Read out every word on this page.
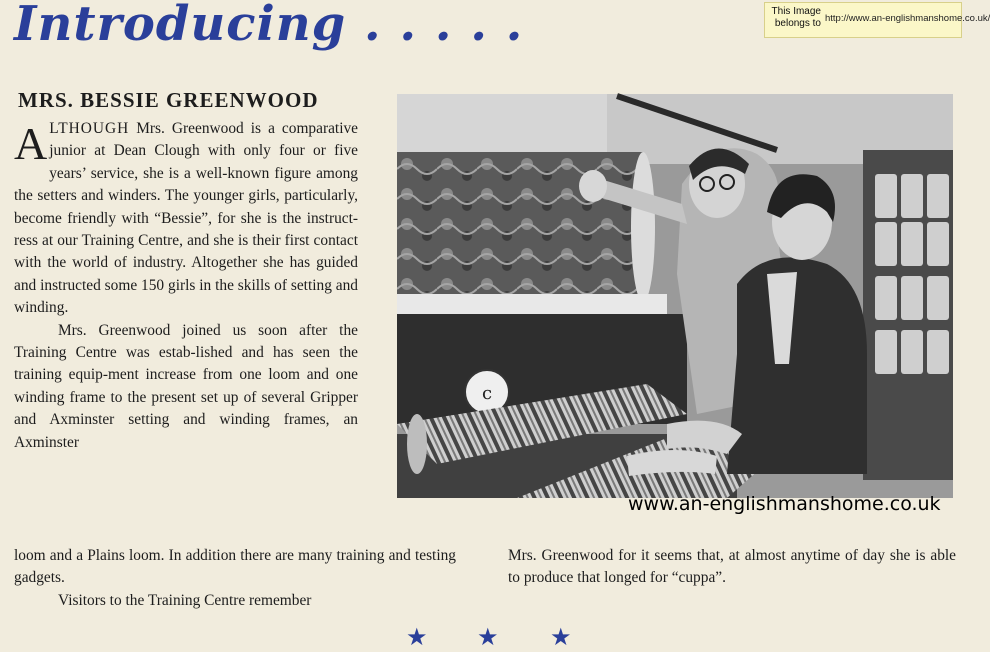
Introducing . . . . .	This Image
belongs to http://www.an-englishmanshome.co.uk/
MRS. BESSIE GREENWOOD

ALTHOUGH Mrs. Greenwood is a comparative junior at Dean Clough with only four or five years’ service, she is a well-known figure among the setters and winders. The younger girls, particularly, become friendly with “Bessie”, for she is the instruct-ress at our Training Centre, and she is their first contact with the world of industry. Altogether she has guided and instructed some 150 girls in the skills of setting and winding.

Mrs. Greenwood joined us soon after the Training Centre was estab-lished and has seen the training equip-ment increase from one loom and one winding frame to the present set up of several Gripper and Axminster setting and winding frames, an Axminster

loom and a Plains loom. In addition there are many training and testing gadgets.

Visitors to the Training Centre remember

Mrs. Greenwood for it seems that, at almost anytime of day she is able to produce that longed for “cuppa”.

c
www.an-englishmanshome.co.uk
★ ★ ★
